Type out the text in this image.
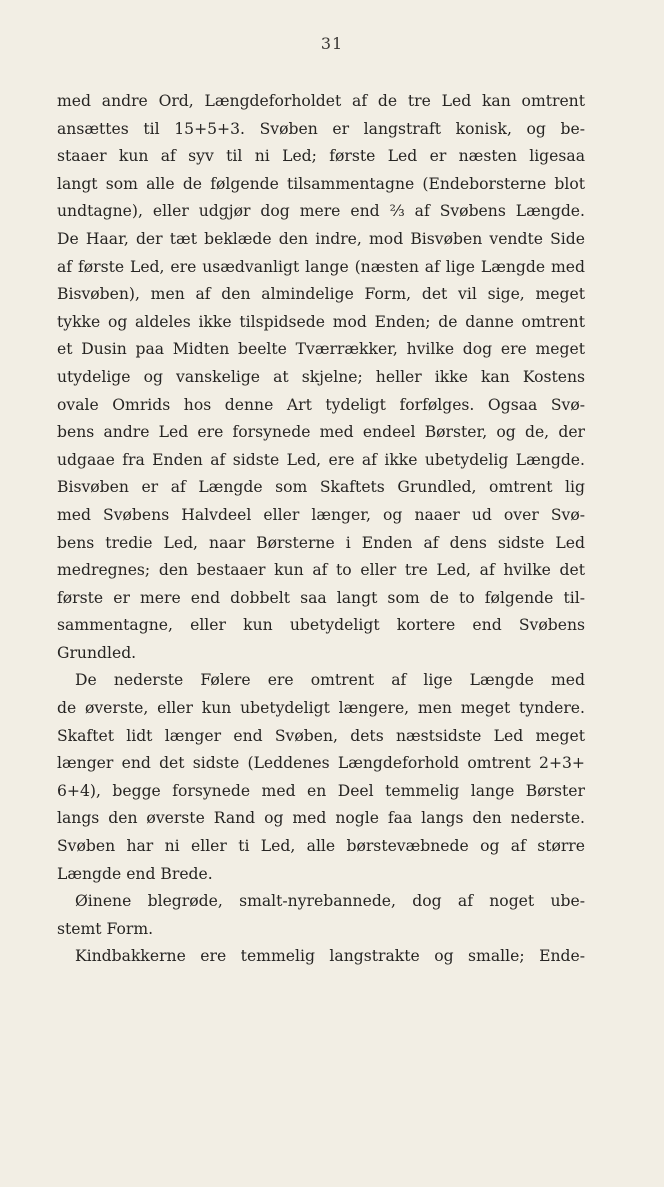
31
med andre Ord, Længdeforholdet af de tre Led kan omtrent
ansættes til 15+5+3. Svøben er langstraft konisk, og be-
staaer kun af syv til ni Led; første Led er næsten ligesaa
langt som alle de følgende tilsammentagne (Endeborsterne blot
undtagne), eller udgjør dog mere end ⅔ af Svøbens Længde.
De Haar, der tæt beklæde den indre, mod Bisvøben vendte Side
af første Led, ere usædvanligt lange (næsten af lige Længde med
Bisvøben), men af den almindelige Form, det vil sige, meget
tykke og aldeles ikke tilspidsede mod Enden; de danne omtrent
et Dusin paa Midten beelte Tværrækker, hvilke dog ere meget
utydelige og vanskelige at skjelne; heller ikke kan Kostens
ovale Omrids hos denne Art tydeligt forfølges. Ogsaa Svø-
bens andre Led ere forsynede med endeel Børster, og de, der
udgaae fra Enden af sidste Led, ere af ikke ubetydelig Længde.
Bisvøben er af Længde som Skaftets Grundled, omtrent lig
med Svøbens Halvdeel eller længer, og naaer ud over Svø-
bens tredie Led, naar Børsterne i Enden af dens sidste Led
medregnes; den bestaaer kun af to eller tre Led, af hvilke det
første er mere end dobbelt saa langt som de to følgende til-
sammentagne, eller kun ubetydeligt kortere end Svøbens
Grundled.
De nederste Følere ere omtrent af lige Længde med
de øverste, eller kun ubetydeligt længere, men meget tyndere.
Skaftet lidt længer end Svøben, dets næstsidste Led meget
længer end det sidste (Leddenes Længdeforhold omtrent 2+3+
6+4), begge forsynede med en Deel temmelig lange Børster
langs den øverste Rand og med nogle faa langs den nederste.
Svøben har ni eller ti Led, alle børstevæbnede og af større
Længde end Brede.
Øinene blegrøde, smalt-nyrebannede, dog af noget ube-
stemt Form.
Kindbakkerne ere temmelig langstrakte og smalle; Ende-
